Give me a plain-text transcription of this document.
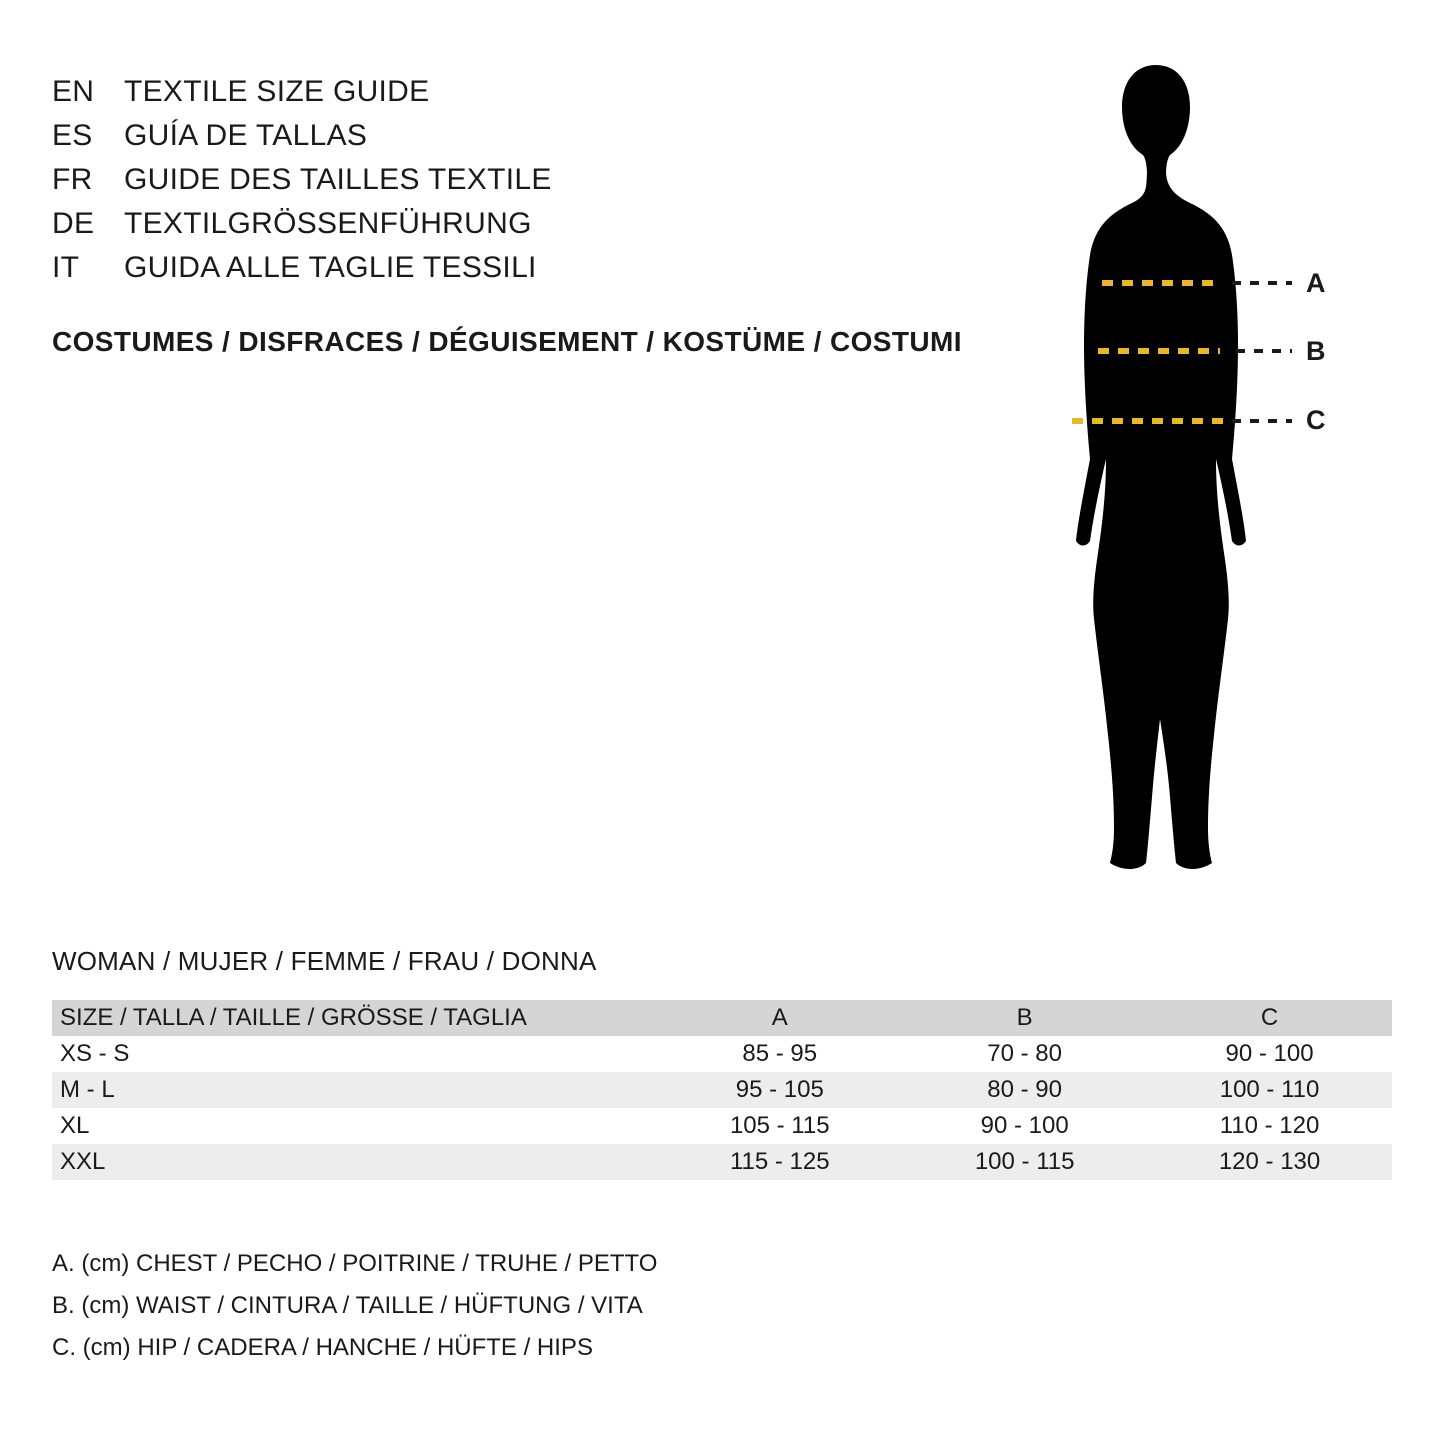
EN TEXTILE SIZE GUIDE
ES	GUÍA DE TALLAS
FR	GUIDE DES TAILLES TEXTILE
DE TEXTILGRÖSSENFÜHRUNG
IT	GUIDA ALLE TAGLIE TESSILI
COSTUMES / DISFRACES / DÉGUISEMENT / KOSTÜME / COSTUMI
A
B
C
WOMAN / MUJER / FEMME / FRAU / DONNA
SIZE / TALLA / TAILLE / GRÖSSE / TAGLIA	A	B	C
XS - S	85 - 95	70 - 80	90 - 100
M - L	95 - 105	80 - 90	100 - 110
XL	105 - 115	90 - 100	110 - 120
XXL	115 - 125	100 - 115	120 - 130
A. (cm) CHEST / PECHO / POITRINE / TRUHE / PETTO
B. (cm) WAIST / CINTURA / TAILLE / HÜFTUNG / VITA
C. (cm) HIP / CADERA / HANCHE / HÜFTE / HIPS
